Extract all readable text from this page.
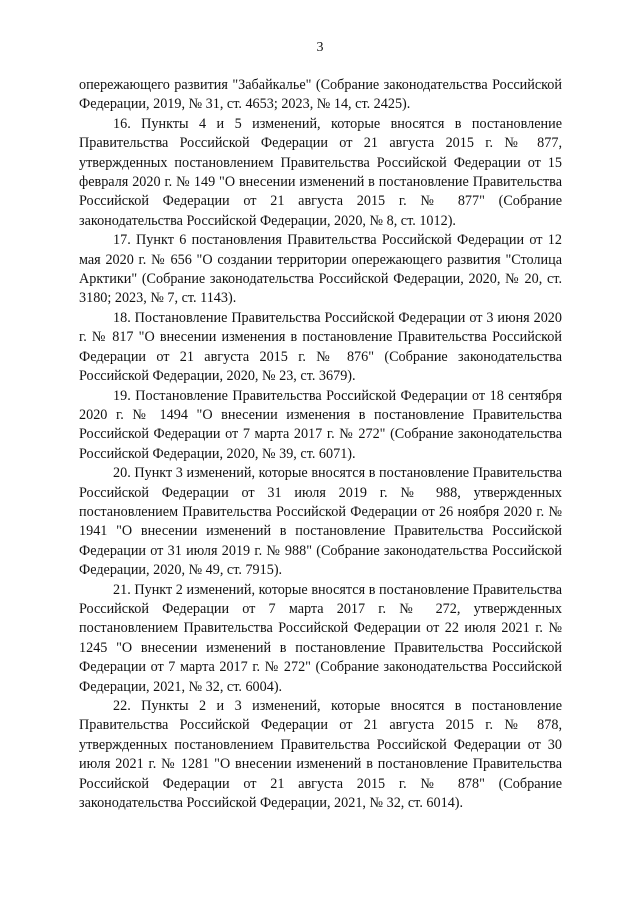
3

опережающего развития "Забайкалье" (Собрание законодательства Российской Федерации, 2019, № 31, ст. 4653; 2023, № 14, ст. 2425).

16. Пункты 4 и 5 изменений, которые вносятся в постановление Правительства Российской Федерации от 21 августа 2015 г. № 877, утвержденных постановлением Правительства Российской Федерации от 15 февраля 2020 г. № 149 "О внесении изменений в постановление Правительства Российской Федерации от 21 августа 2015 г. № 877" (Собрание законодательства Российской Федерации, 2020, № 8, ст. 1012).

17. Пункт 6 постановления Правительства Российской Федерации от 12 мая 2020 г. № 656 "О создании территории опережающего развития "Столица Арктики" (Собрание законодательства Российской Федерации, 2020, № 20, ст. 3180; 2023, № 7, ст. 1143).

18. Постановление Правительства Российской Федерации от 3 июня 2020 г. № 817 "О внесении изменения в постановление Правительства Российской Федерации от 21 августа 2015 г. № 876" (Собрание законодательства Российской Федерации, 2020, № 23, ст. 3679).

19. Постановление Правительства Российской Федерации от 18 сентября 2020 г. № 1494 "О внесении изменения в постановление Правительства Российской Федерации от 7 марта 2017 г. № 272" (Собрание законодательства Российской Федерации, 2020, № 39, ст. 6071).

20. Пункт 3 изменений, которые вносятся в постановление Правительства Российской Федерации от 31 июля 2019 г. № 988, утвержденных постановлением Правительства Российской Федерации от 26 ноября 2020 г. № 1941 "О внесении изменений в постановление Правительства Российской Федерации от 31 июля 2019 г. № 988" (Собрание законодательства Российской Федерации, 2020, № 49, ст. 7915).

21. Пункт 2 изменений, которые вносятся в постановление Правительства Российской Федерации от 7 марта 2017 г. № 272, утвержденных постановлением Правительства Российской Федерации от 22 июля 2021 г. № 1245 "О внесении изменений в постановление Правительства Российской Федерации от 7 марта 2017 г. № 272" (Собрание законодательства Российской Федерации, 2021, № 32, ст. 6004).

22. Пункты 2 и 3 изменений, которые вносятся в постановление Правительства Российской Федерации от 21 августа 2015 г. № 878, утвержденных постановлением Правительства Российской Федерации от 30 июля 2021 г. № 1281 "О внесении изменений в постановление Правительства Российской Федерации от 21 августа 2015 г. № 878" (Собрание законодательства Российской Федерации, 2021, № 32, ст. 6014).
